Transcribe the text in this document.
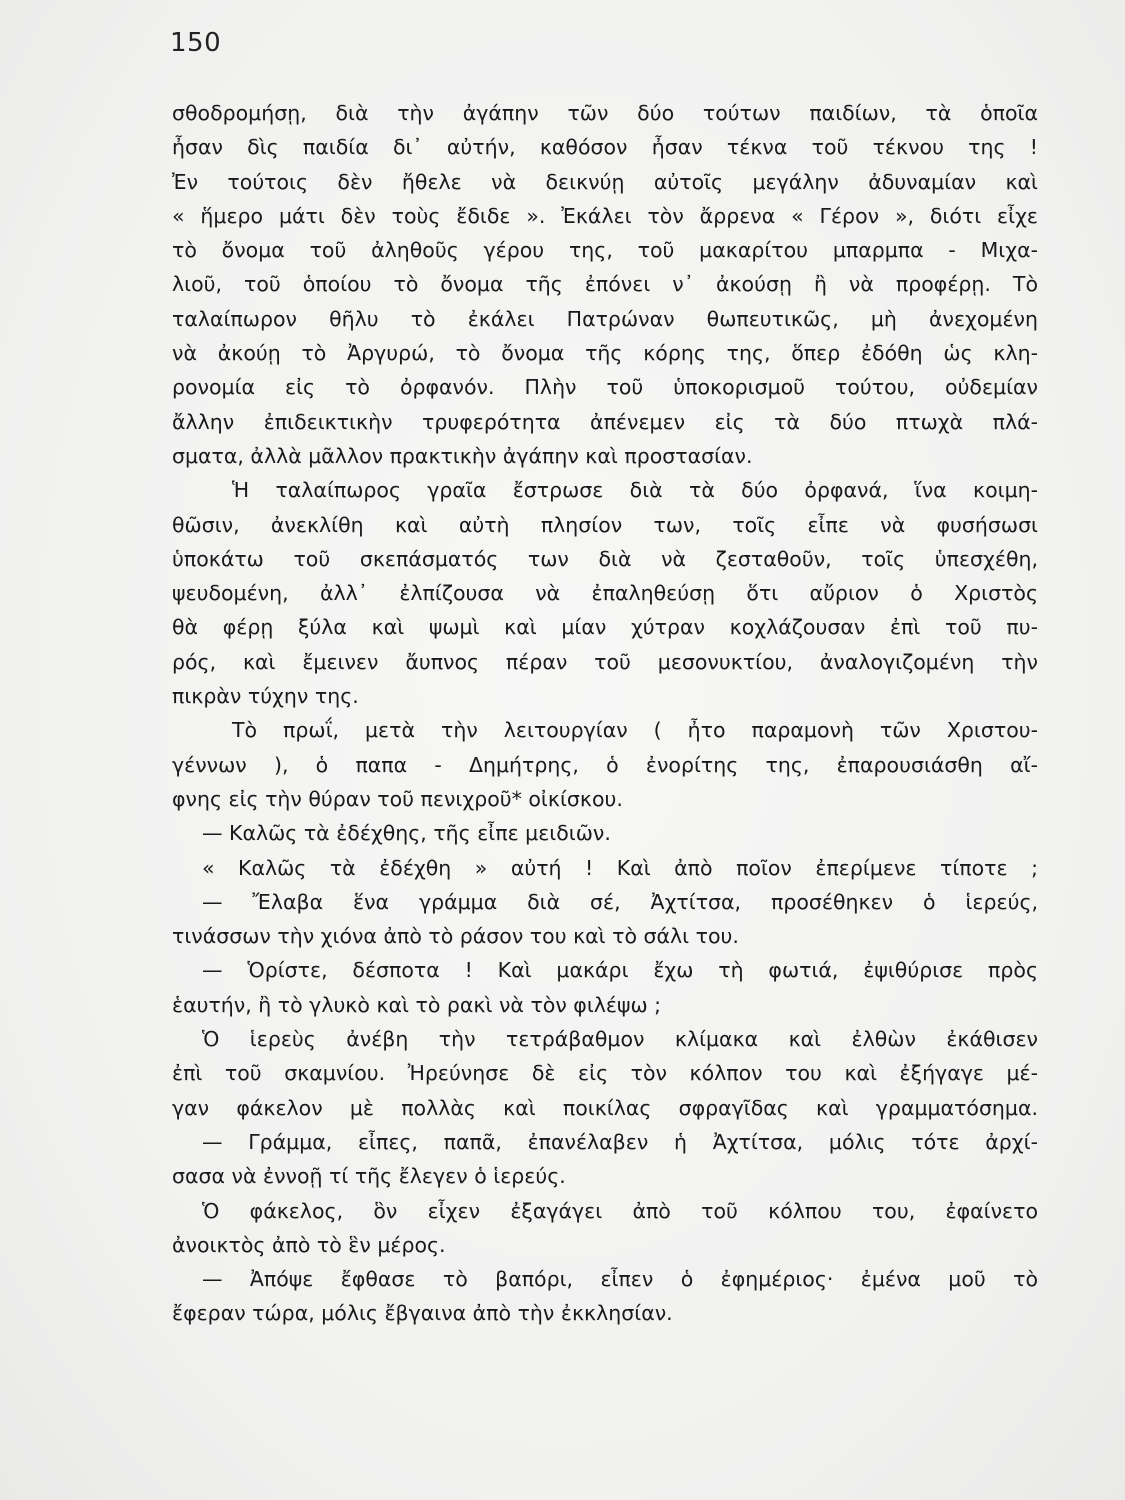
150
σθοδρομήσῃ, διὰ τὴν ἀγάπην τῶν δύο τούτων παιδίων, τὰ ὁποῖα
ἦσαν δὶς παιδία δι᾽ αὐτήν, καθόσον ἦσαν τέκνα τοῦ τέκνου της !
Ἐν τούτοις δὲν ἤθελε νὰ δεικνύῃ αὐτοῖς μεγάλην ἀδυναμίαν καὶ
« ἥμερο μάτι δὲν τοὺς ἔδιδε ». Ἐκάλει τὸν ἄρρενα « Γέρον », διότι εἶχε
τὸ ὄνομα τοῦ ἀληθοῦς γέρου της, τοῦ μακαρίτου μπαρμπα - Μιχα-
λιοῦ, τοῦ ὁποίου τὸ ὄνομα τῆς ἐπόνει ν᾽ ἀκούσῃ ἢ νὰ προφέρῃ. Τὸ
ταλαίπωρον θῆλυ τὸ ἐκάλει Πατρώναν θωπευτικῶς, μὴ ἀνεχομένη
νὰ ἀκούῃ τὸ Ἀργυρώ, τὸ ὄνομα τῆς κόρης της, ὅπερ ἐδόθη ὡς κλη-
ρονομία εἰς τὸ ὀρφανόν. Πλὴν τοῦ ὑποκορισμοῦ τούτου, οὐδεμίαν
ἄλλην ἐπιδεικτικὴν τρυφερότητα ἀπένεμεν εἰς τὰ δύο πτωχὰ πλά-
σματα, ἀλλὰ μᾶλλον πρακτικὴν ἀγάπην καὶ προστασίαν.
Ἡ ταλαίπωρος γραῖα ἔστρωσε διὰ τὰ δύο ὀρφανά, ἵνα κοιμη-
θῶσιν, ἀνεκλίθη καὶ αὐτὴ πλησίον των, τοῖς εἶπε νὰ φυσήσωσι
ὑποκάτω τοῦ σκεπάσματός των διὰ νὰ ζεσταθοῦν, τοῖς ὑπεσχέθη,
ψευδομένη, ἀλλ᾽ ἐλπίζουσα νὰ ἐπαληθεύσῃ ὅτι αὔριον ὁ Χριστὸς
θὰ φέρῃ ξύλα καὶ ψωμὶ καὶ μίαν χύτραν κοχλάζουσαν ἐπὶ τοῦ πυ-
ρός, καὶ ἔμεινεν ἄυπνος πέραν τοῦ μεσονυκτίου, ἀναλογιζομένη τὴν
πικρὰν τύχην της.
Τὸ πρωΐ, μετὰ τὴν λειτουργίαν ( ἦτο παραμονὴ τῶν Χριστου-
γέννων ), ὁ παπα - Δημήτρης, ὁ ἐνορίτης της, ἐπαρουσιάσθη αἴ-
φνης εἰς τὴν θύραν τοῦ πενιχροῦ* οἰκίσκου.
— Καλῶς τὰ ἐδέχθης, τῆς εἶπε μειδιῶν.
« Καλῶς τὰ ἐδέχθη » αὐτή ! Καὶ ἀπὸ ποῖον ἐπερίμενε τίποτε ;
— Ἔλαβα ἕνα γράμμα διὰ σέ, Ἀχτίτσα, προσέθηκεν ὁ ἱερεύς,
τινάσσων τὴν χιόνα ἀπὸ τὸ ράσον του καὶ τὸ σάλι του.
— Ὁρίστε, δέσποτα ! Καὶ μακάρι ἔχω τὴ φωτιά, ἐψιθύρισε πρὸς
ἑαυτήν, ἢ τὸ γλυκὸ καὶ τὸ ρακὶ νὰ τὸν φιλέψω ;
Ὁ ἱερεὺς ἀνέβη τὴν τετράβαθμον κλίμακα καὶ ἐλθὼν ἐκάθισεν
ἐπὶ τοῦ σκαμνίου. Ἠρεύνησε δὲ εἰς τὸν κόλπον του καὶ ἐξήγαγε μέ-
γαν φάκελον μὲ πολλὰς καὶ ποικίλας σφραγῖδας καὶ γραμματόσημα.
— Γράμμα, εἶπες, παπᾶ, ἐπανέλαβεν ἡ Ἀχτίτσα, μόλις τότε ἀρχί-
σασα νὰ ἐννοῇ τί τῆς ἔλεγεν ὁ ἱερεύς.
Ὁ φάκελος, ὃν εἶχεν ἐξαγάγει ἀπὸ τοῦ κόλπου του, ἐφαίνετο
ἀνοικτὸς ἀπὸ τὸ ἓν μέρος.
— Ἀπόψε ἔφθασε τὸ βαπόρι, εἶπεν ὁ ἐφημέριος· ἐμένα μοῦ τὸ
ἔφεραν τώρα, μόλις ἔβγαινα ἀπὸ τὴν ἐκκλησίαν.
